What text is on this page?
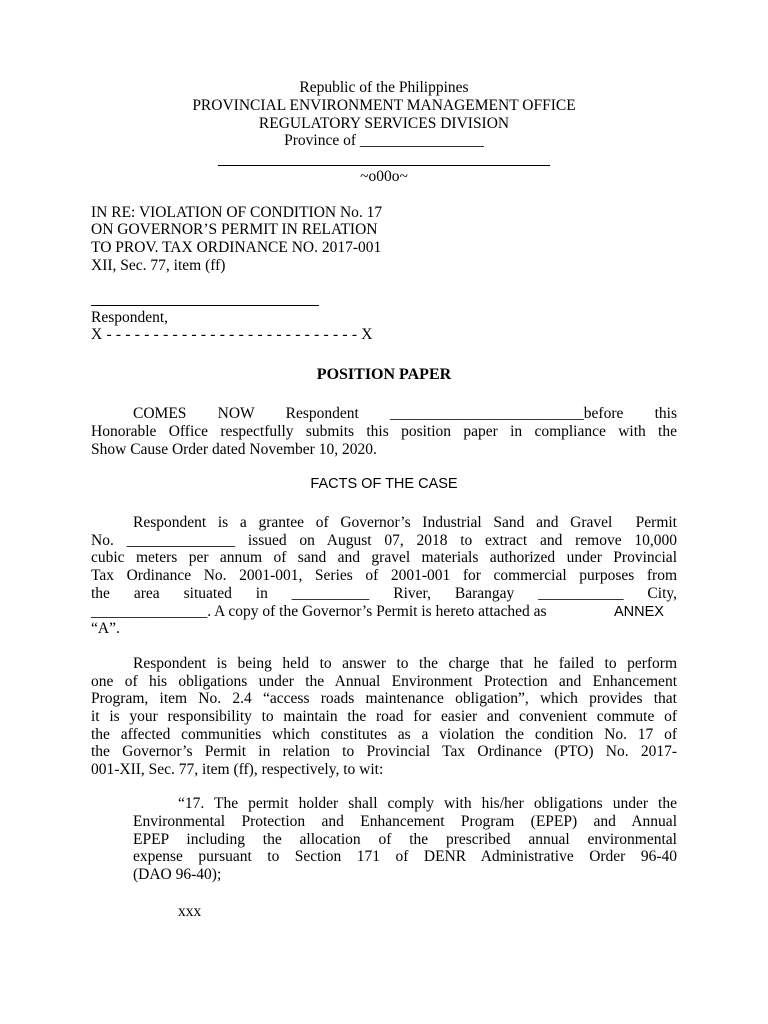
Republic of the Philippines
PROVINCIAL ENVIRONMENT MANAGEMENT OFFICE
REGULATORY SERVICES DIVISION
Province of ________________
~o00o~
IN RE: VIOLATION OF CONDITION No. 17
ON GOVERNOR’S PERMIT IN RELATION
TO PROV. TAX ORDINANCE NO. 2017-001
XII, Sec. 77, item (ff)
Respondent,
X - - - - - - - - - - - - - - - - - - - - - - - - - - - X
POSITION PAPER
COMES NOW Respondent _________________________before this
Honorable Office respectfully submits this position paper in compliance with the
Show Cause Order dated November 10, 2020.
FACTS OF THE CASE
Respondent is a grantee of Governor’s Industrial Sand and Gravel  Permit
No. ______________ issued on August 07, 2018 to extract and remove 10,000
cubic meters per annum of sand and gravel materials authorized under Provincial
Tax Ordinance No. 2001-001, Series of 2001-001 for commercial purposes from
the area situated in __________ River, Barangay ___________ City,
_______________. A copy of the Governor’s Permit is hereto attached as	ANNEX
“A”.
Respondent is being held to answer to the charge that he failed to perform
one of his obligations under the Annual Environment Protection and Enhancement
Program, item No. 2.4 “access roads maintenance obligation”, which provides that
it is your responsibility to maintain the road for easier and convenient commute of
the affected communities which constitutes as a violation the condition No. 17 of
the Governor’s Permit in relation to Provincial Tax Ordinance (PTO) No. 2017-
001-XII, Sec. 77, item (ff), respectively, to wit:
“17. The permit holder shall comply with his/her obligations under the
Environmental Protection and Enhancement Program (EPEP) and Annual
EPEP including the allocation of the prescribed annual environmental
expense pursuant to Section 171 of DENR Administrative Order 96-40
(DAO 96-40);
xxx
